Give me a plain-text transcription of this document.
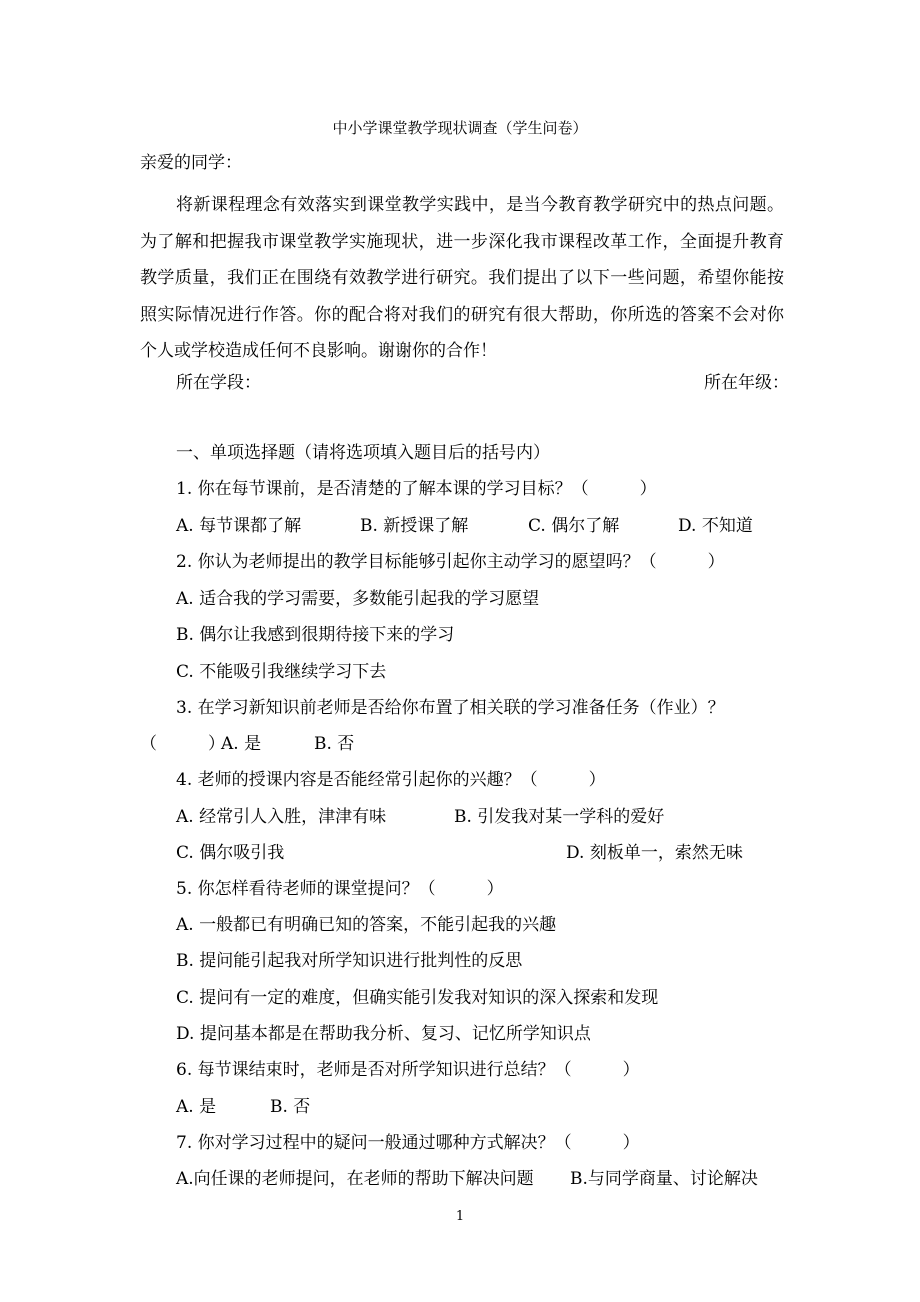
中小学课堂教学现状调查（学生问卷）
亲爱的同学：
将新课程理念有效落实到课堂教学实践中，是当今教育教学研究中的热点问题。为了解和把握我市课堂教学实施现状，进一步深化我市课程改革工作，全面提升教育教学质量，我们正在围绕有效教学进行研究。我们提出了以下一些问题，希望你能按照实际情况进行作答。你的配合将对我们的研究有很大帮助，你所选的答案不会对你个人或学校造成任何不良影响。谢谢你的合作！
所在学段：	所在年级：
一、单项选择题（请将选项填入题目后的括号内）
1. 你在每节课前，是否清楚的了解本课的学习目标？（　　　）
A. 每节课都了解	B. 新授课了解	C. 偶尔了解	D. 不知道
2. 你认为老师提出的教学目标能够引起你主动学习的愿望吗？（　　　）
A. 适合我的学习需要，多数能引起我的学习愿望
B. 偶尔让我感到很期待接下来的学习
C. 不能吸引我继续学习下去
3. 在学习新知识前老师是否给你布置了相关联的学习准备任务（作业）？
（　　　）
A. 是	B. 否
4. 老师的授课内容是否能经常引起你的兴趣？（　　　）
A. 经常引人入胜，津津有味	B. 引发我对某一学科的爱好
C. 偶尔吸引我	D. 刻板单一，索然无味
5. 你怎样看待老师的课堂提问？（　　　）
A. 一般都已有明确已知的答案，不能引起我的兴趣
B. 提问能引起我对所学知识进行批判性的反思
C. 提问有一定的难度，但确实能引发我对知识的深入探索和发现
D. 提问基本都是在帮助我分析、复习、记忆所学知识点
6. 每节课结束时，老师是否对所学知识进行总结？（　　　）
A. 是	B. 否
7. 你对学习过程中的疑问一般通过哪种方式解决？（　　　）
A.向任课的老师提问，在老师的帮助下解决问题 B.与同学商量、讨论解决
1
